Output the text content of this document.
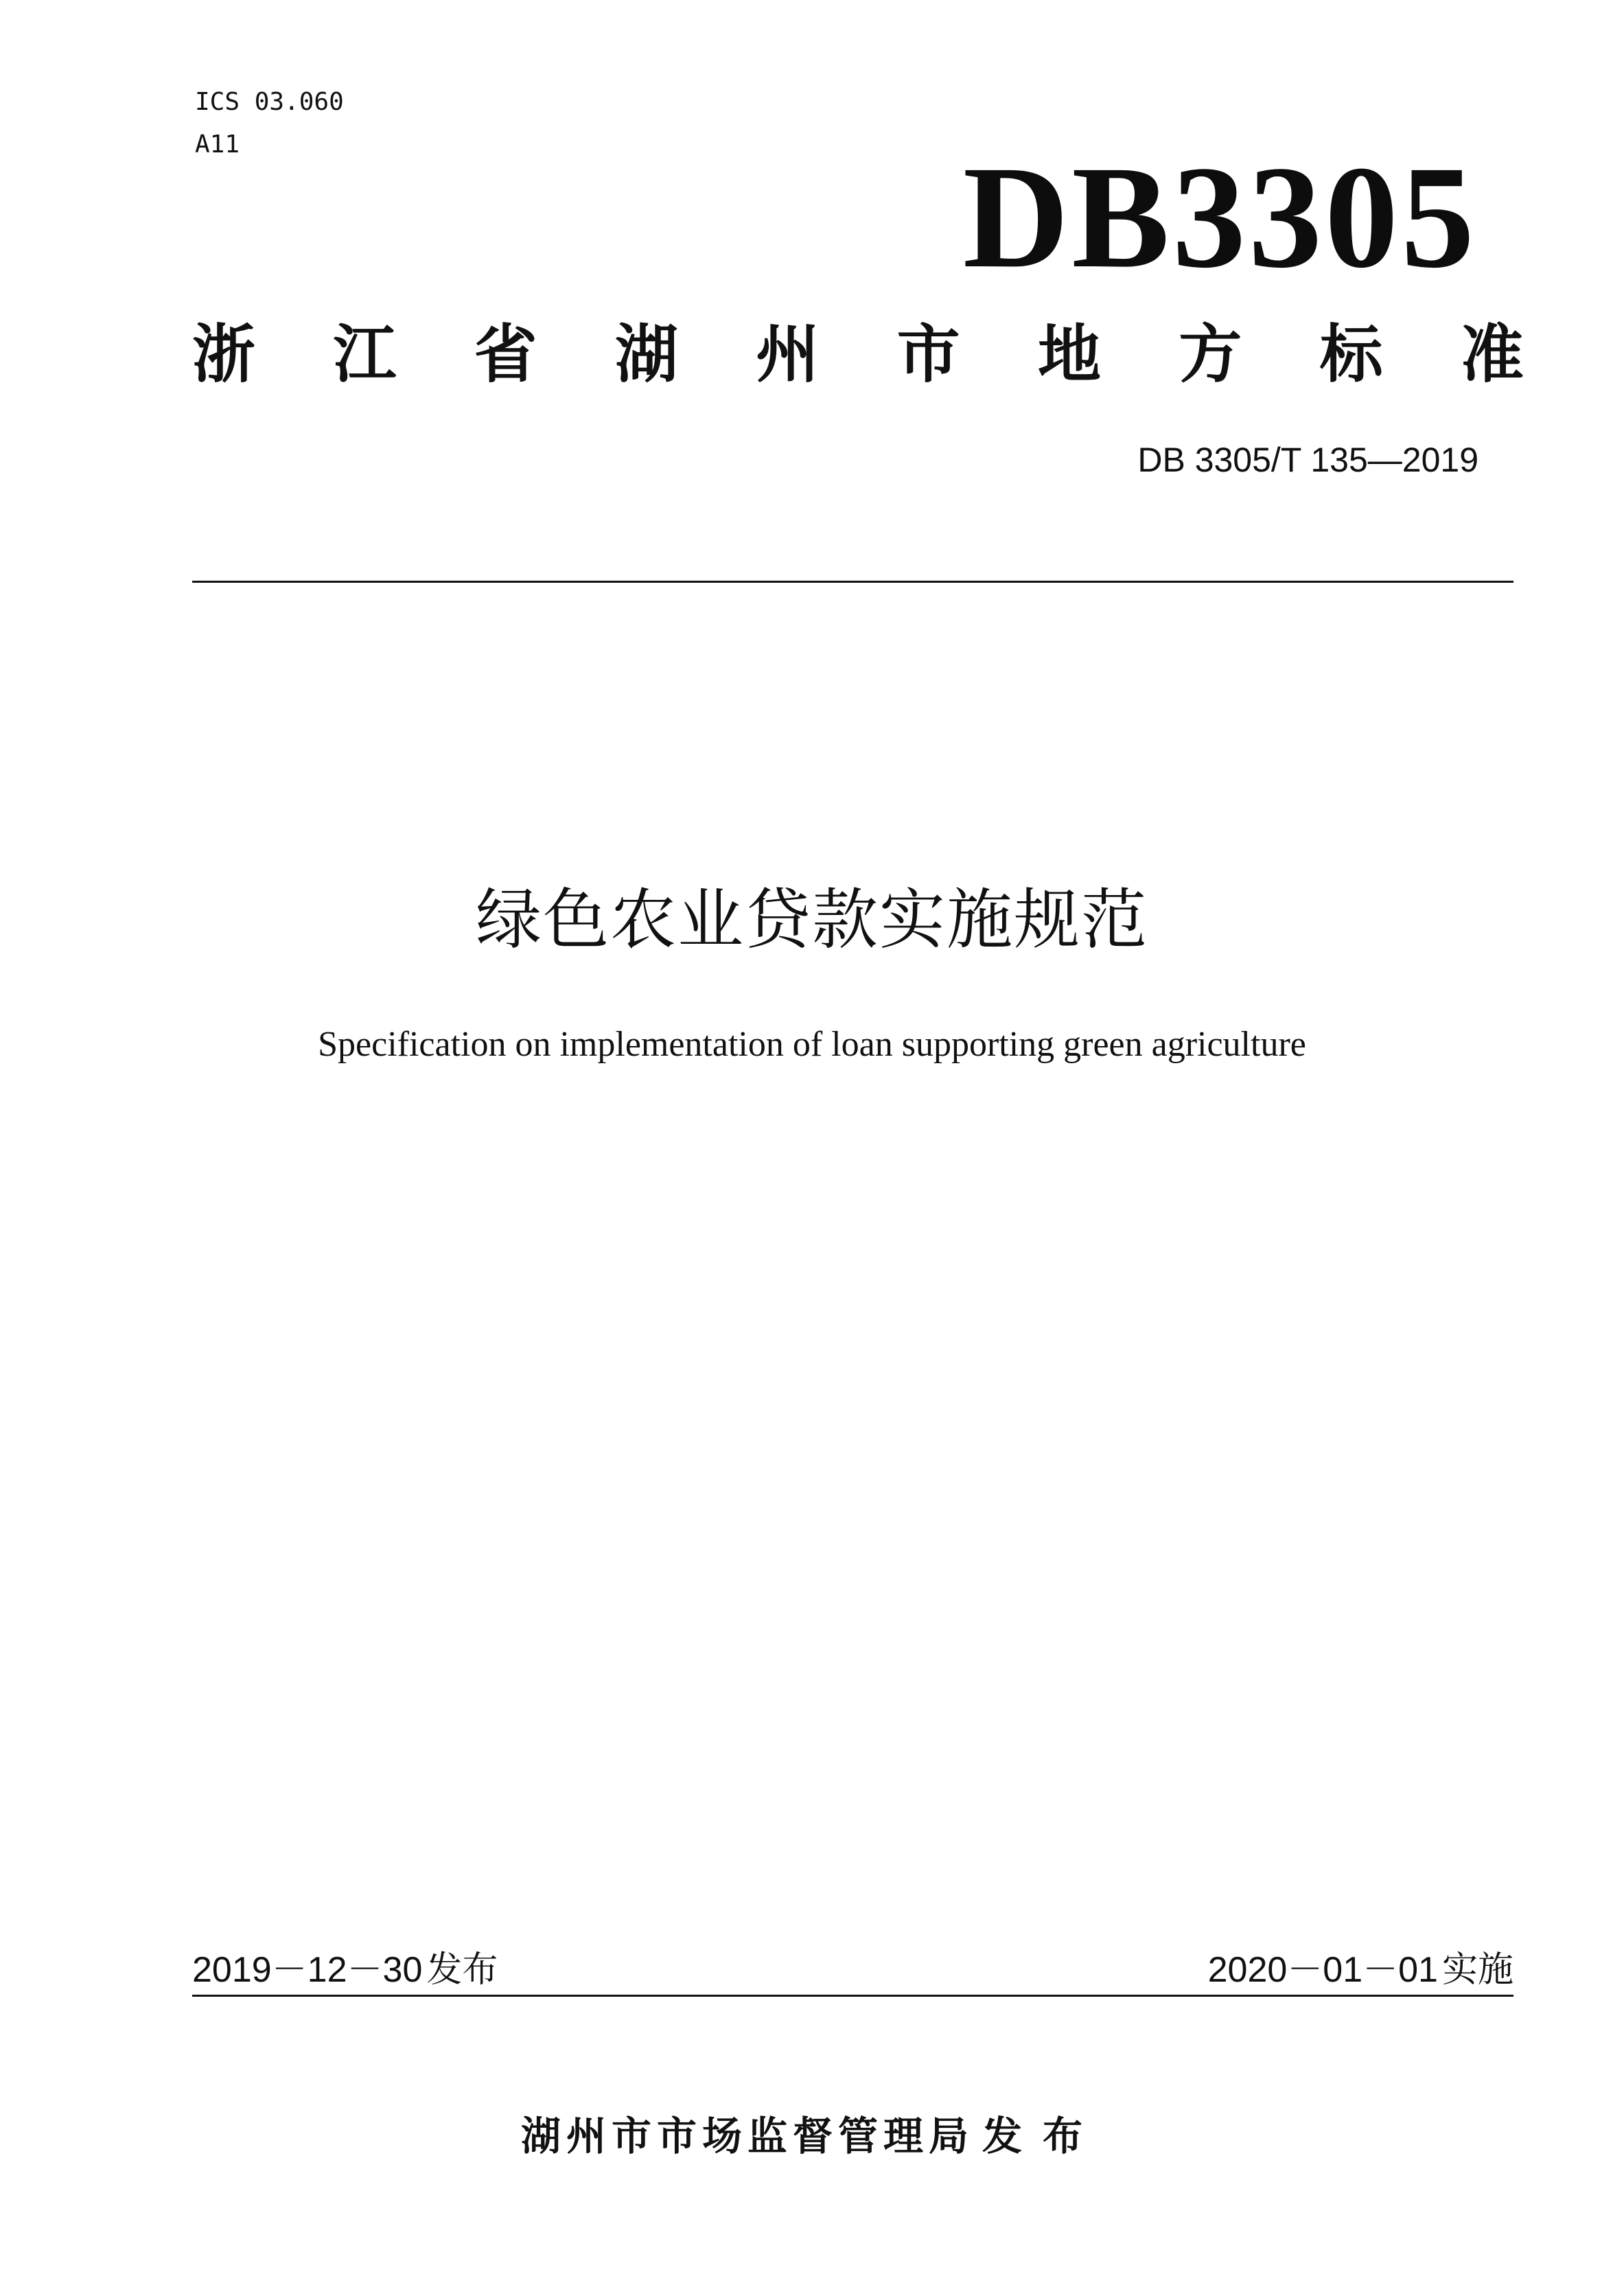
ICS 03.060
A11	DB3305
浙 江 省 湖 州 市 地 方 标 准
DB 3305/T 135—2019
绿色农业贷款实施规范
Specification on implementation of loan supporting green agriculture
2019－12－30 发布	2020－01－01 实施
湖州市市场监督管理局 发布
